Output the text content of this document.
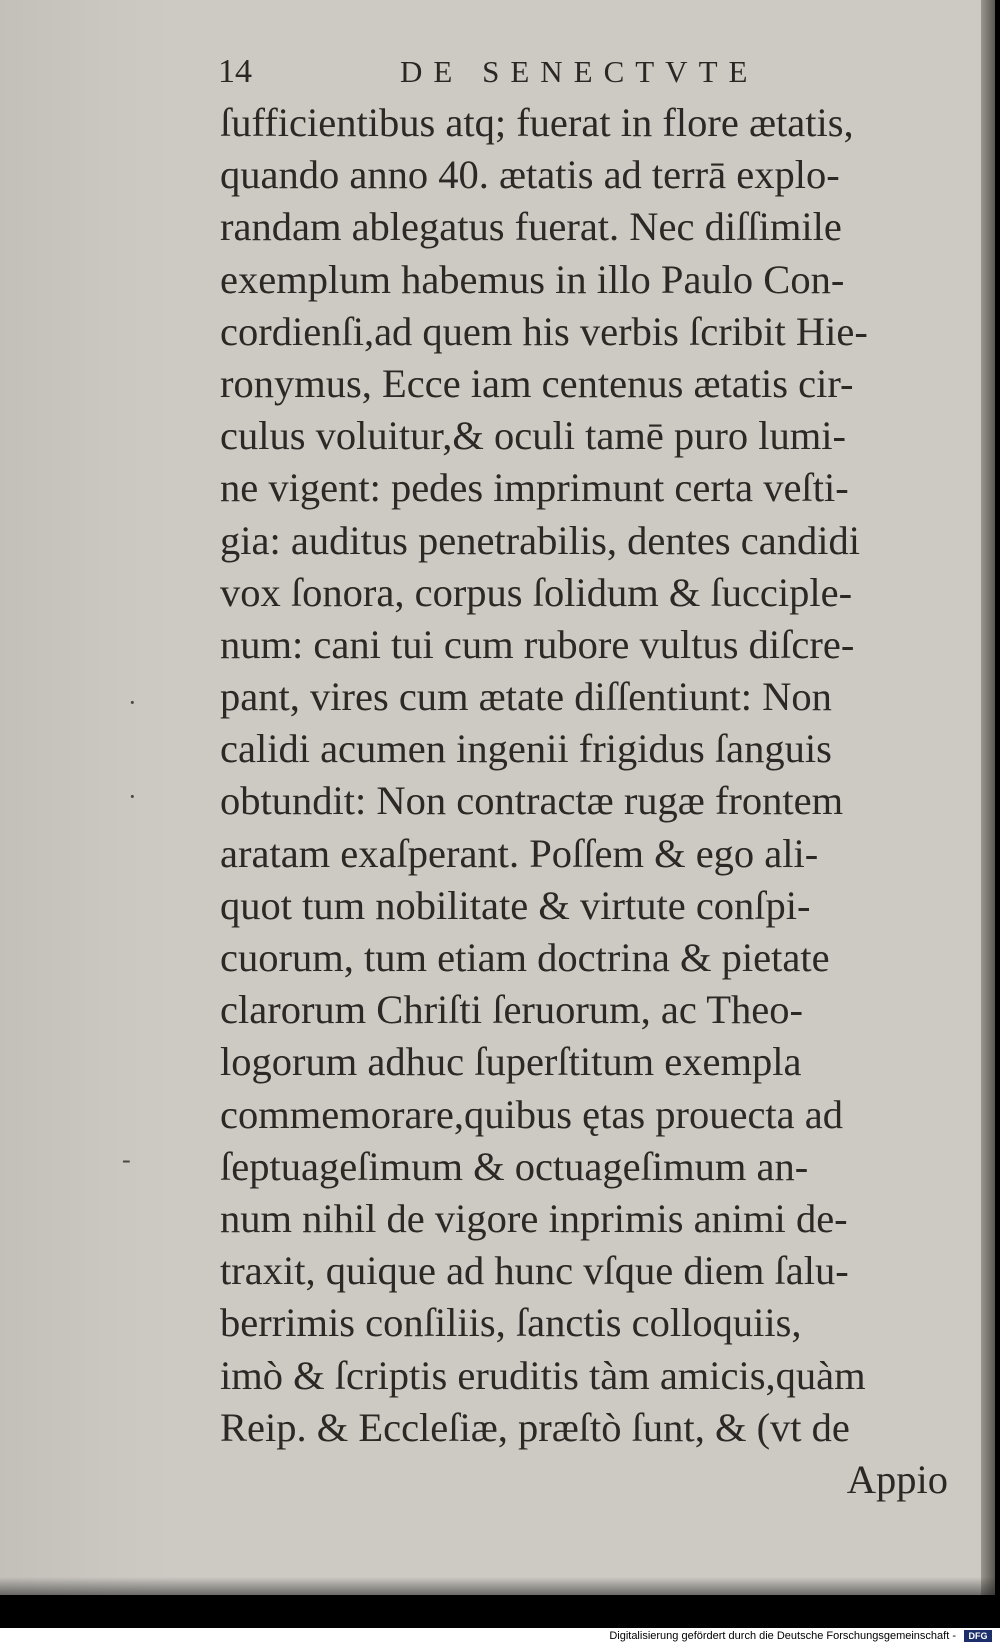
14	DE SENECTVTE
ſufficientibus atq; fuerat in flore ætatis,
quando anno 40. ætatis ad terrā explo-
randam ablegatus fuerat. Nec diſſimile
exemplum habemus in illo Paulo Con-
cordienſi,ad quem his verbis ſcribit Hie-
ronymus, Ecce iam centenus ætatis cir-
culus voluitur,& oculi tamē puro lumi-
ne vigent: pedes imprimunt certa veſti-
gia: auditus penetrabilis, dentes candidi
vox ſonora, corpus ſolidum & ſucciple-
num: cani tui cum rubore vultus diſcre-
pant, vires cum ætate diſſentiunt: Non
calidi acumen ingenii frigidus ſanguis
obtundit: Non contractæ rugæ frontem
aratam exaſperant. Poſſem & ego ali-
quot tum nobilitate & virtute conſpi-
cuorum, tum etiam doctrina & pietate
clarorum Chriſti ſeruorum, ac Theo-
logorum adhuc ſuperſtitum exempla
commemorare,quibus ętas prouecta ad
ſeptuageſimum & octuageſimum an-
num nihil de vigore inprimis animi de-
traxit, quique ad hunc vſque diem ſalu-
berrimis conſiliis, ſanctis colloquiis,
imò & ſcriptis eruditis tàm amicis,quàm
Reip. & Eccleſiæ, præſtò ſunt, & (vt de
Appio
·
·
-
Digitalisierung gefördert durch die Deutsche Forschungsgemeinschaft -	DFG
